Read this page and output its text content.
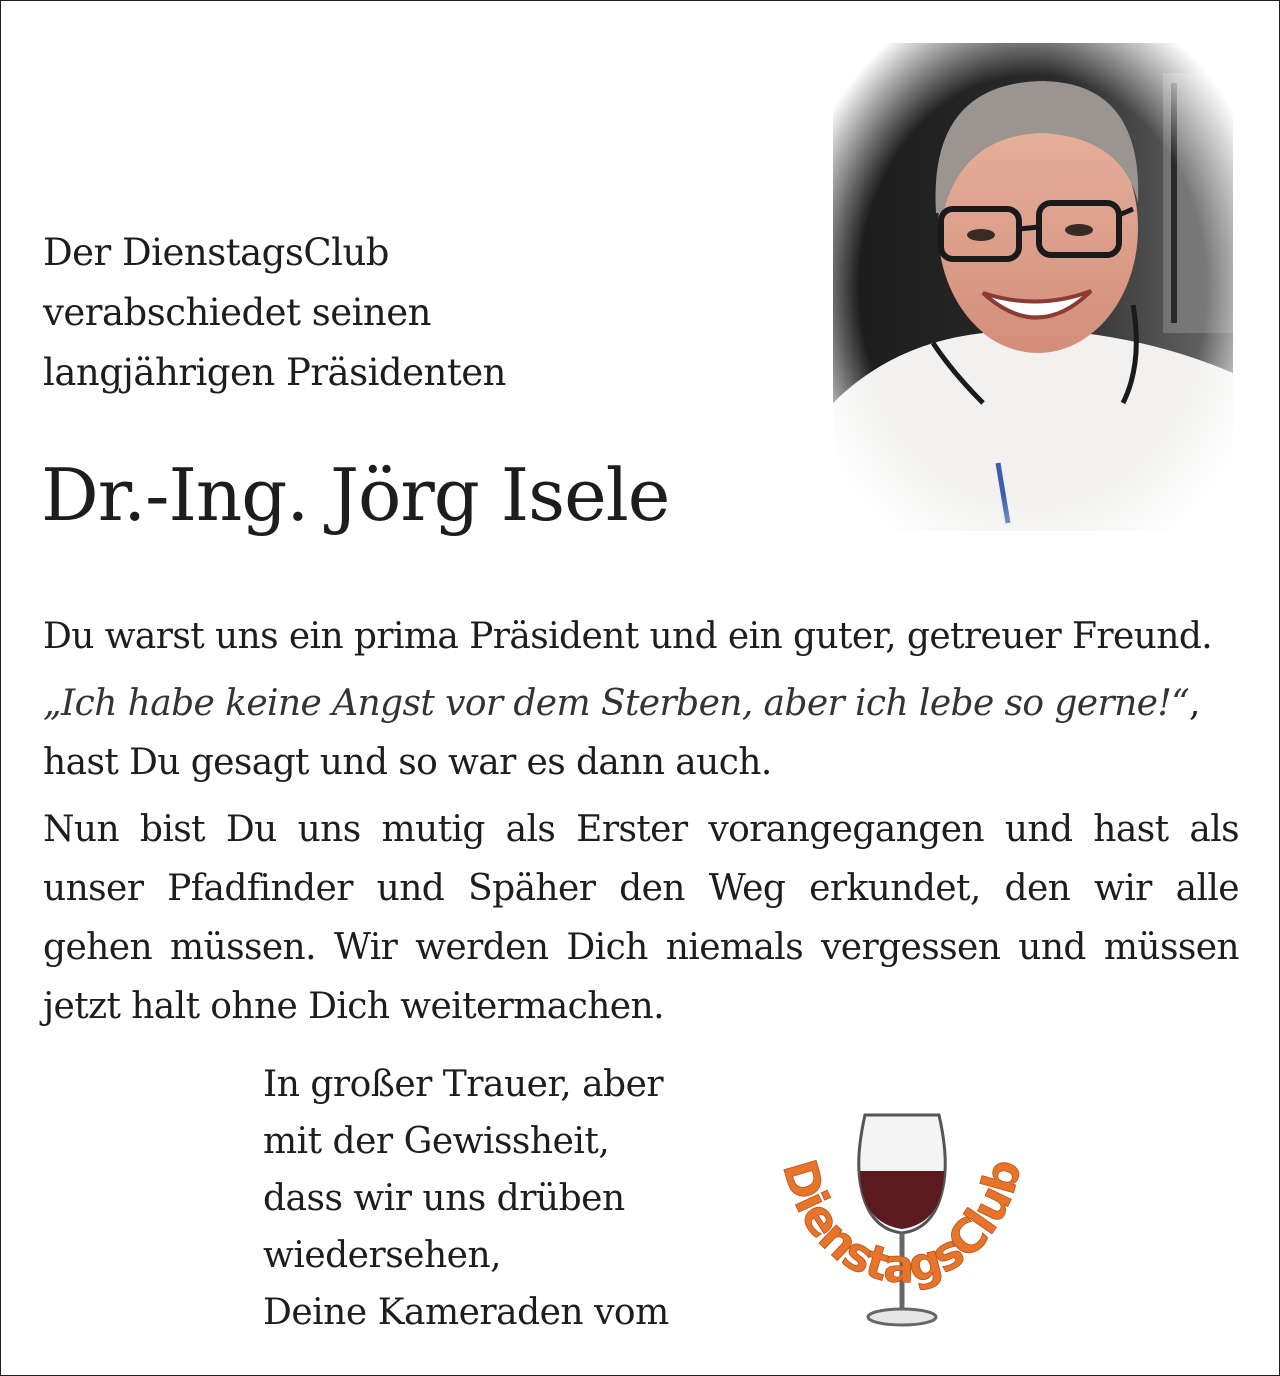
Der DienstagsClub
verabschiedet seinen
langjährigen Präsidenten
Dr.-Ing. Jörg Isele
Du warst uns ein prima Präsident und ein guter, getreuer Freund.
„Ich habe keine Angst vor dem Sterben, aber ich lebe so gerne!“,
hast Du gesagt und so war es dann auch.
Nun bist Du uns mutig als Erster vorangegangen und hast als
unser Pfadfinder und Späher den Weg erkundet, den wir alle
gehen müssen. Wir werden Dich niemals vergessen und müssen
jetzt halt ohne Dich weitermachen.
In großer Trauer, aber
mit der Gewissheit,
dass wir uns drüben
wiedersehen,
Deine Kameraden vom
DienstagsClub
